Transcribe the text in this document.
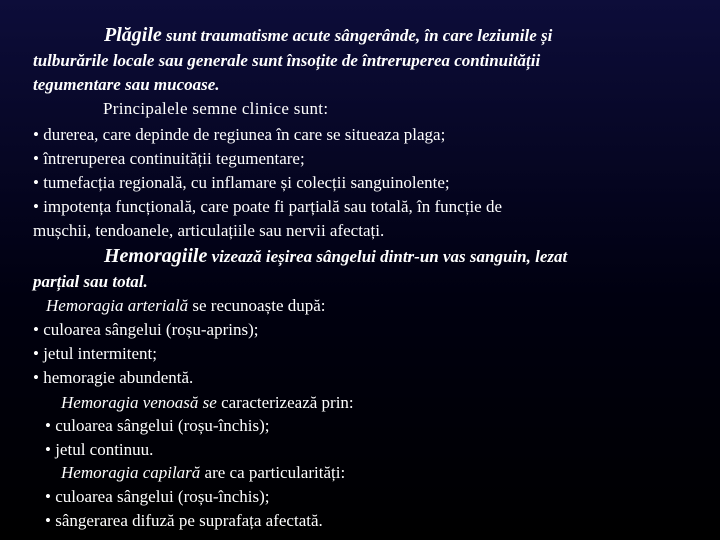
Plăgile sunt traumatisme acute sângerânde, în care leziunile și
tulburările locale sau generale sunt însoțite de întreruperea continuității
tegumentare sau mucoase.
Principalele semne clinice sunt:
• durerea, care depinde de regiunea în care se situeaza plaga;
• întreruperea continuității tegumentare;
• tumefacția regională, cu inflamare și colecții sanguinolente;
• impotența funcțională, care poate fi parțială sau totală, în funcție de
mușchii, tendoanele, articulațiile sau nervii afectați.
Hemoragiile vizează ieșirea sângelui dintr-un vas sanguin, lezat
parțial sau total.
Hemoragia arterială se recunoaște după:
• culoarea sângelui (roșu-aprins);
• jetul intermitent;
• hemoragie abundentă.
Hemoragia venoasă se caracterizează prin:
• culoarea sângelui (roșu-închis);
• jetul continuu.
Hemoragia capilară are ca particularități:
• culoarea sângelui (roșu-închis);
• sângerarea difuză pe suprafața afectată.
